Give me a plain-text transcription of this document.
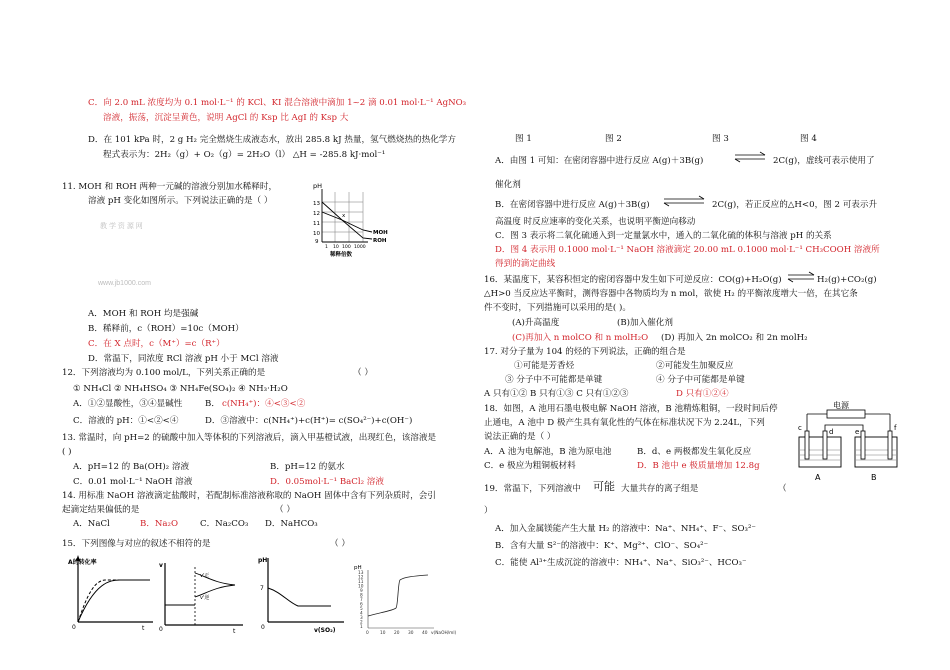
C．向 2.0 mL 浓度均为 0.1 mol·L⁻¹ 的 KCl、KI 混合溶液中滴加 1~2 滴 0.01 mol·L⁻¹ AgNO₃
溶液，振荡，沉淀呈黄色，说明 AgCl 的 Ksp 比 AgI 的 Ksp 大
D．在 101 kPa 时，2 g H₂ 完全燃烧生成液态水，放出 285.8 kJ 热量，氢气燃烧热的热化学方
程式表示为：2H₂（g）+ O₂（g）= 2H₂O（l） △H = -285.8 kJ·mol⁻¹
11. MOH 和 ROH 两种一元碱的溶液分别加水稀释时，
溶液 pH 变化如图所示。下列说法正确的是（ ）
教 学 资 源 网
www.jb1000.com
pH
13
12
11
10
9
x
MOH
ROH
1 10 100 1000
稀释倍数
A．MOH 和 ROH 均是强碱
B．稀释前，c（ROH）=10c（MOH）
C．在 X 点时，c（M⁺）=c（R⁺）
D．常温下，同浓度 RCl 溶液 pH 小于 MCl 溶液
12．下列溶液均为 0.100 mol/L，下列关系正确的是	（ ）
① NH₄Cl ② NH₄HSO₄ ③ NH₄Fe(SO₄)₂ ④ NH₃·H₂O
A．①②显酸性，③④显碱性	B． c(NH₄⁺)：④<③<②
C．溶液的 pH：①<②<④	D．③溶液中：c(NH₄⁺)+c(H⁺)= c(SO₄²⁻)+c(OH⁻)
13. 常温时，向 pH=2 的硫酸中加入等体积的下列溶液后，滴入甲基橙试液，出现红色，该溶液是
( )
A．pH=12 的 Ba(OH)₂ 溶液	B．pH=12 的氨水
C．0.01 mol·L⁻¹ NaOH 溶液	D．0.05mol·L⁻¹ BaCl₂ 溶液
14. 用标准 NaOH 溶液滴定盐酸时，若配制标准溶液称取的 NaOH 固体中含有下列杂质时，会引
起滴定结果偏低的是	（ ）
A．NaCl	B．Na₂O	C．Na₂CO₃ D．NaHCO₃
15．下列图像与对应的叙述不相符的是	（ ）
A的转化率
0	t
v
0	t
v'正
v'逆
pH
7
0	v(SO₂)
pH
13
12
11
10
9
8
7
6
5
4
3
2
1
0	10 20 30 40 v(NaOH/ml)
图 1	图 2	图 3	图 4
A．由图 1 可知：在密闭容器中进行反应 A(g)＋3B(g)	⇌ 2C(g)，虚线可表示使用了
催化剂
B．在密闭容器中进行反应 A(g)＋3B(g)	2C(g)，若正反应的△H<0，图 2 可表示升
高温度 时反应速率的变化关系，也说明平衡逆向移动
C．图 3 表示将二氧化硫通入到一定量氯水中，通入的二氧化硫的体积与溶液 pH 的关系
D．图 4 表示用 0.1000 mol·L⁻¹ NaOH 溶液滴定 20.00 mL 0.1000 mol·L⁻¹ CH₃COOH 溶液所
得到的滴定曲线
16．某温度下，某容积恒定的密闭容器中发生如下可逆反应：CO(g)+H₂O(g) ⇌ H₂(g)+CO₂(g)
△H>0 当反应达平衡时，测得容器中各物质均为 n mol，欲使 H₂ 的平衡浓度增大一倍，在其它条
件不变时，下列措施可以采用的是( )。
(A)升高温度	(B)加入催化剂
(C)再加入 n molCO 和 n molH₂O (D) 再加入 2n molCO₂ 和 2n molH₂
17. 对分子量为 104 的烃的下列说法，正确的组合是
①可能是芳香烃	②可能发生加聚反应
③ 分子中不可能都是单键	④ 分子中可能都是单键
A 只有①② B 只有①③ C 只有①②③	D 只有①②④
18．如图，A 池用石墨电极电解 NaOH 溶液，B 池精炼粗铜，一段时间后停
止通电，A 池中 D 极产生具有氧化性的气体在标准状况下为 2.24L，下列
说法正确的是（ ）
A．A 池为电解池，B 池为原电池	B．d、e 两极都发生氧化反应
C．e 极应为粗铜板材料	D．B 池中 e 极质量增加 12.8g
电源
c	d	e	f
A	B
19．常温下，下列溶液中 可能 大量共存的离子组是	（
）
A．加入金属镁能产生大量 H₂ 的溶液中：Na⁺、NH₄⁺、F⁻、SO₃²⁻
B．含有大量 S²⁻的溶液中：K⁺、Mg²⁺、ClO⁻、SO₄²⁻
C．能使 Al³⁺生成沉淀的溶液中：NH₄⁺、Na⁺、SiO₃²⁻、HCO₃⁻
